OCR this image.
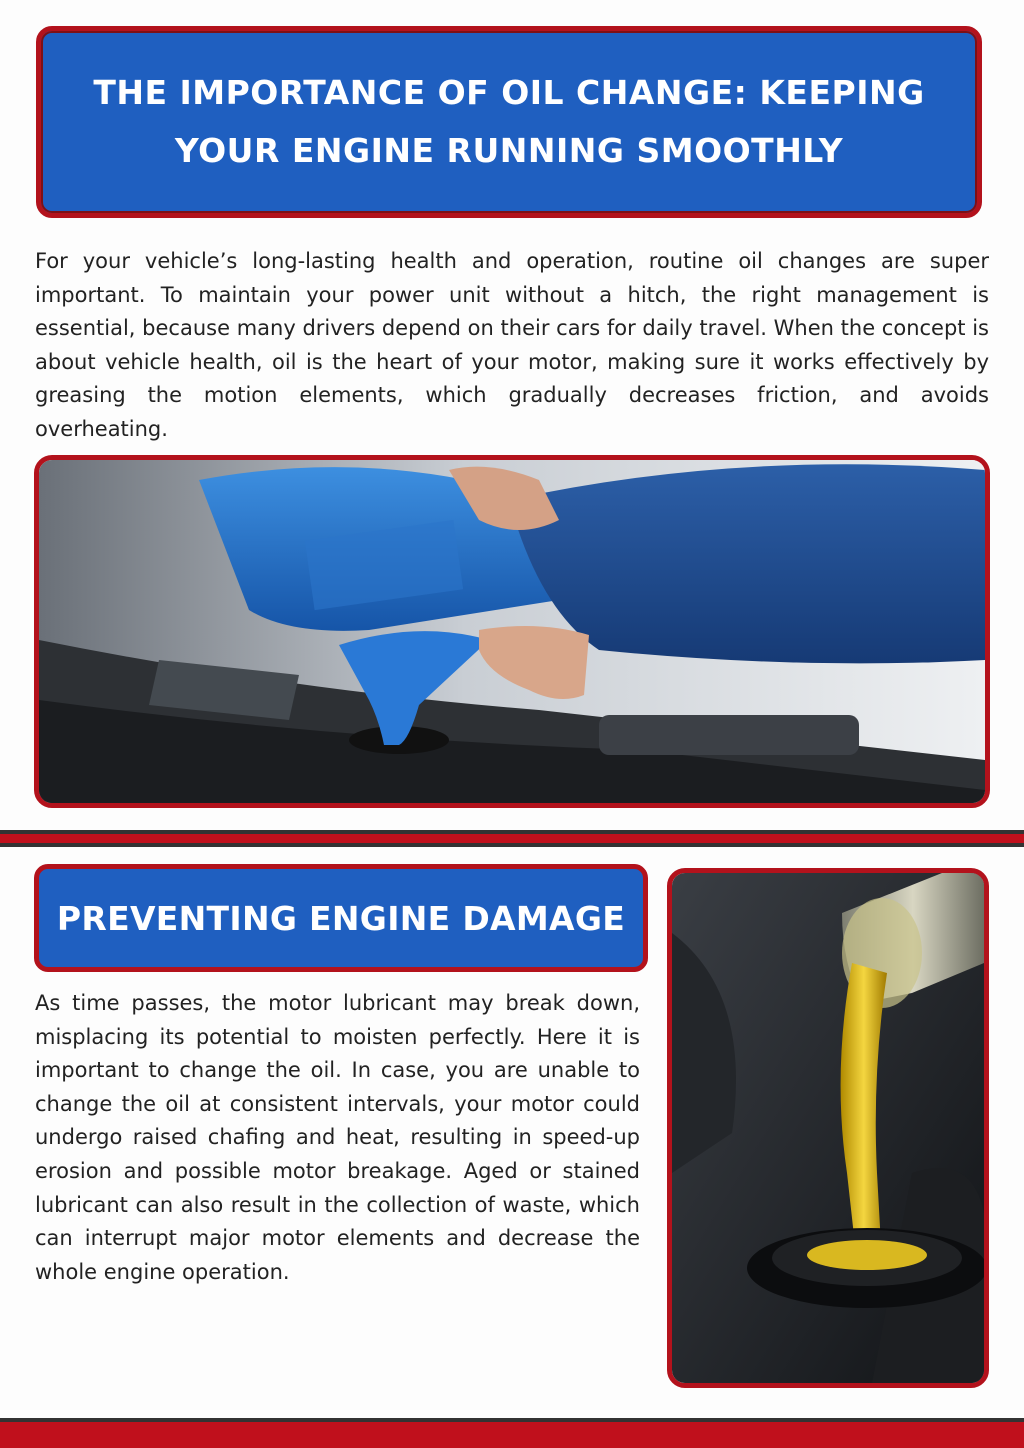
THE IMPORTANCE OF OIL CHANGE: KEEPING YOUR ENGINE RUNNING SMOOTHLY

For your vehicle’s long-lasting health and operation, routine oil changes are super important. To maintain your power unit without a hitch, the right management is essential, because many drivers depend on their cars for daily travel. When the concept is about vehicle health, oil is the heart of your motor, making sure it works effectively by greasing the motion elements, which gradually decreases friction, and avoids overheating.

PREVENTING ENGINE DAMAGE

As time passes, the motor lubricant may break down, misplacing its potential to moisten perfectly. Here it is important to change the oil. In case, you are unable to change the oil at consistent intervals, your motor could undergo raised chafing and heat, resulting in speed-up erosion and possible motor breakage. Aged or stained lubricant can also result in the collection of waste, which can interrupt major motor elements and decrease the whole engine operation.
